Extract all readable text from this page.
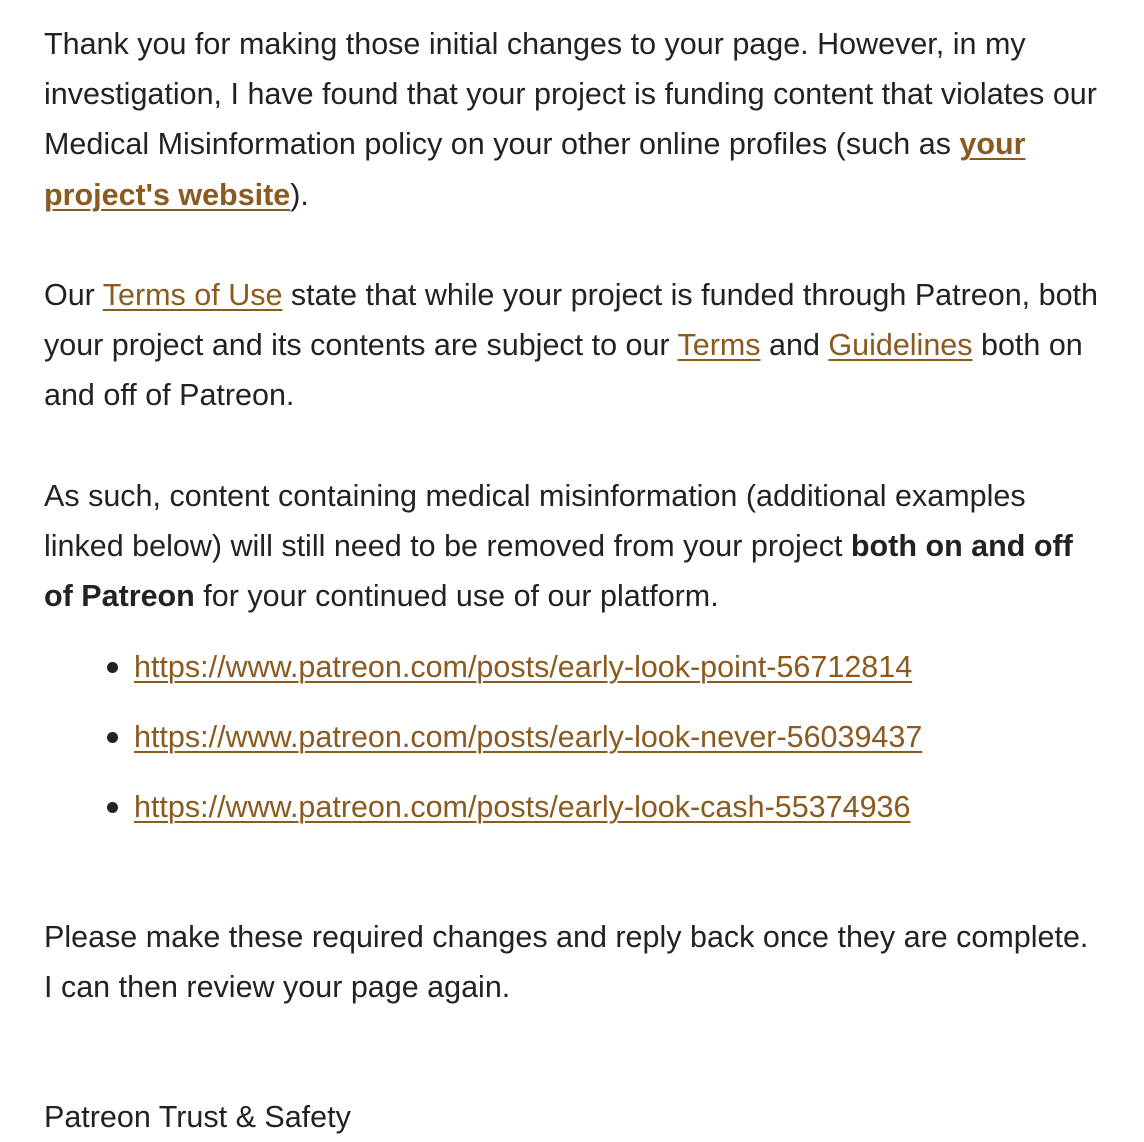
Thank you for making those initial changes to your page. However, in my investigation, I have found that your project is funding content that violates our Medical Misinformation policy on your other online profiles (such as your project's website).

Our Terms of Use state that while your project is funded through Patreon, both your project and its contents are subject to our Terms and Guidelines both on and off of Patreon.

As such, content containing medical misinformation (additional examples linked below) will still need to be removed from your project both on and off of Patreon for your continued use of our platform.

https://www.patreon.com/posts/early-look-point-56712814
https://www.patreon.com/posts/early-look-never-56039437
https://www.patreon.com/posts/early-look-cash-55374936

Please make these required changes and reply back once they are complete. I can then review your page again.

Patreon Trust & Safety
